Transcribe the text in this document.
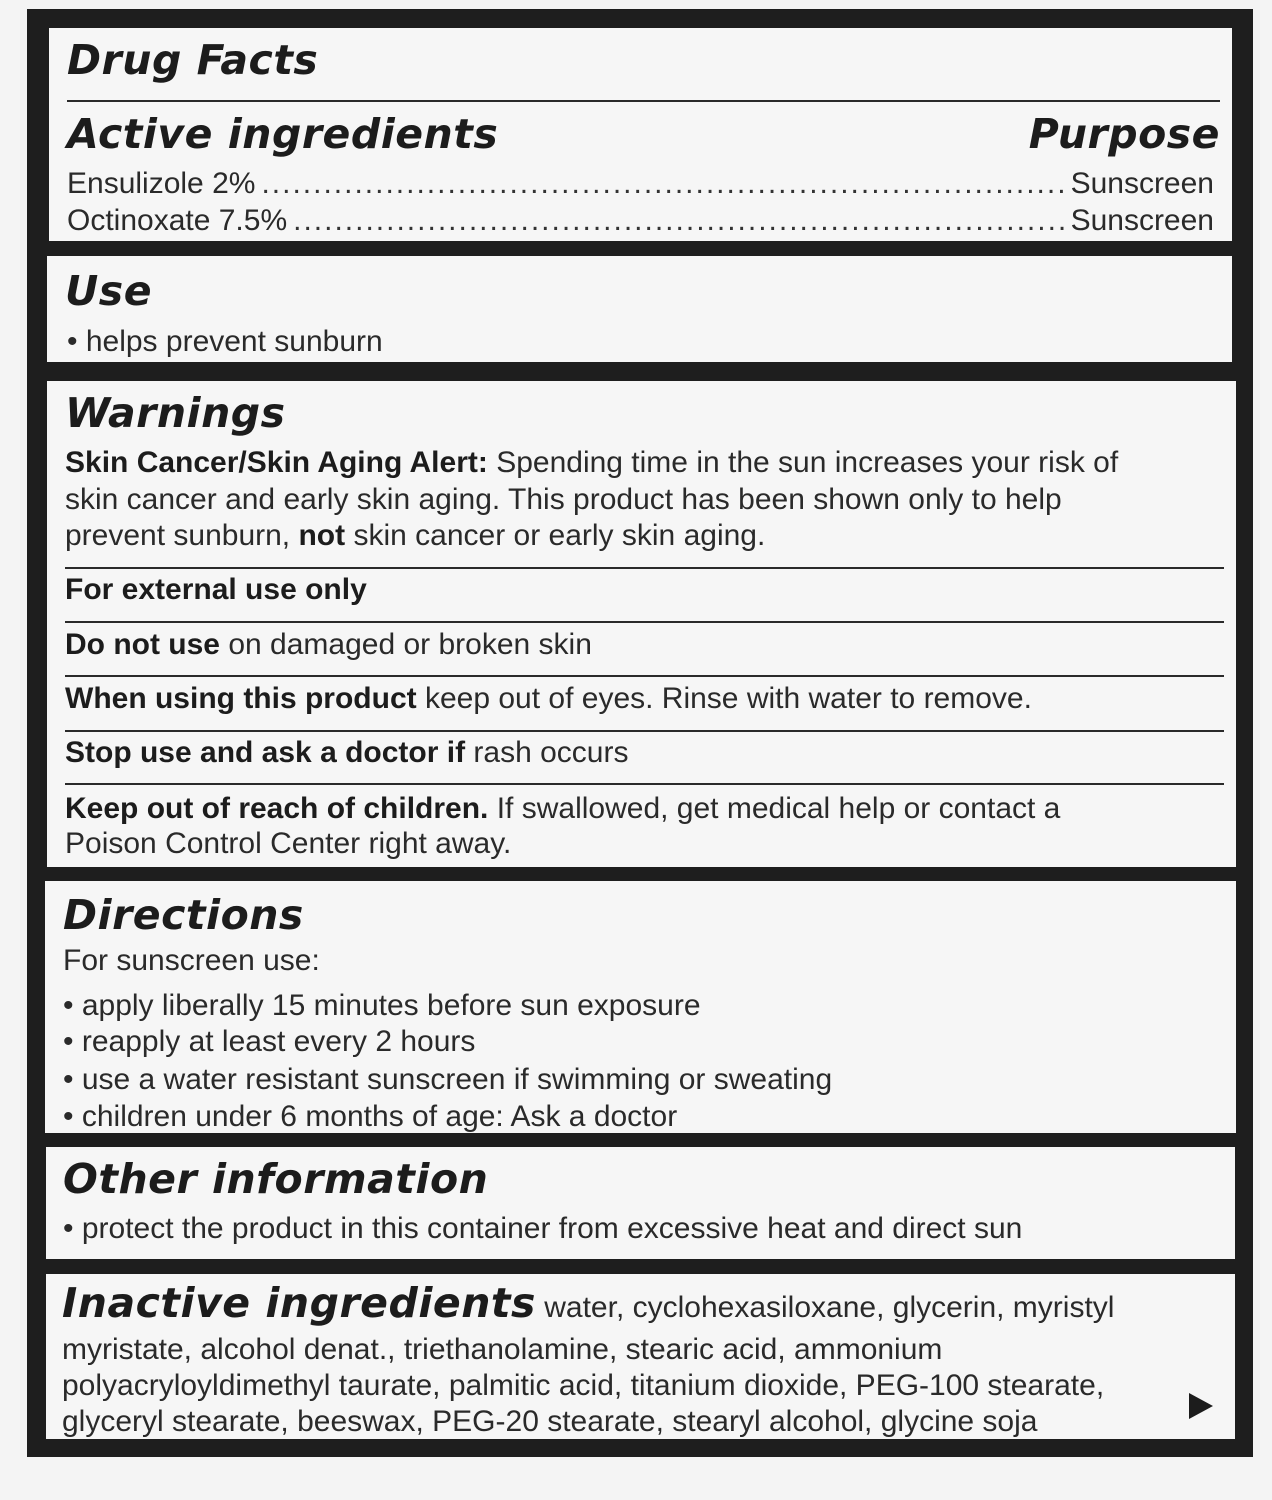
Drug Facts
Active ingredients	Purpose
Ensulizole 2% .....	Sunscreen
Octinoxate 7.5% .....	Sunscreen
Use
• helps prevent sunburn
Warnings
Skin Cancer/Skin Aging Alert: Spending time in the sun increases your risk of
skin cancer and early skin aging. This product has been shown only to help
prevent sunburn, not skin cancer or early skin aging.
For external use only
Do not use on damaged or broken skin
When using this product keep out of eyes. Rinse with water to remove.
Stop use and ask a doctor if rash occurs
Keep out of reach of children. If swallowed, get medical help or contact a
Poison Control Center right away.
Directions
For sunscreen use:
• apply liberally 15 minutes before sun exposure
• reapply at least every 2 hours
• use a water resistant sunscreen if swimming or sweating
• children under 6 months of age: Ask a doctor
Other information
• protect the product in this container from excessive heat and direct sun
Inactive ingredients water, cyclohexasiloxane, glycerin, myristyl
myristate, alcohol denat., triethanolamine, stearic acid, ammonium
polyacryloyldimethyl taurate, palmitic acid, titanium dioxide, PEG-100 stearate,
glyceryl stearate, beeswax, PEG-20 stearate, stearyl alcohol, glycine soja
